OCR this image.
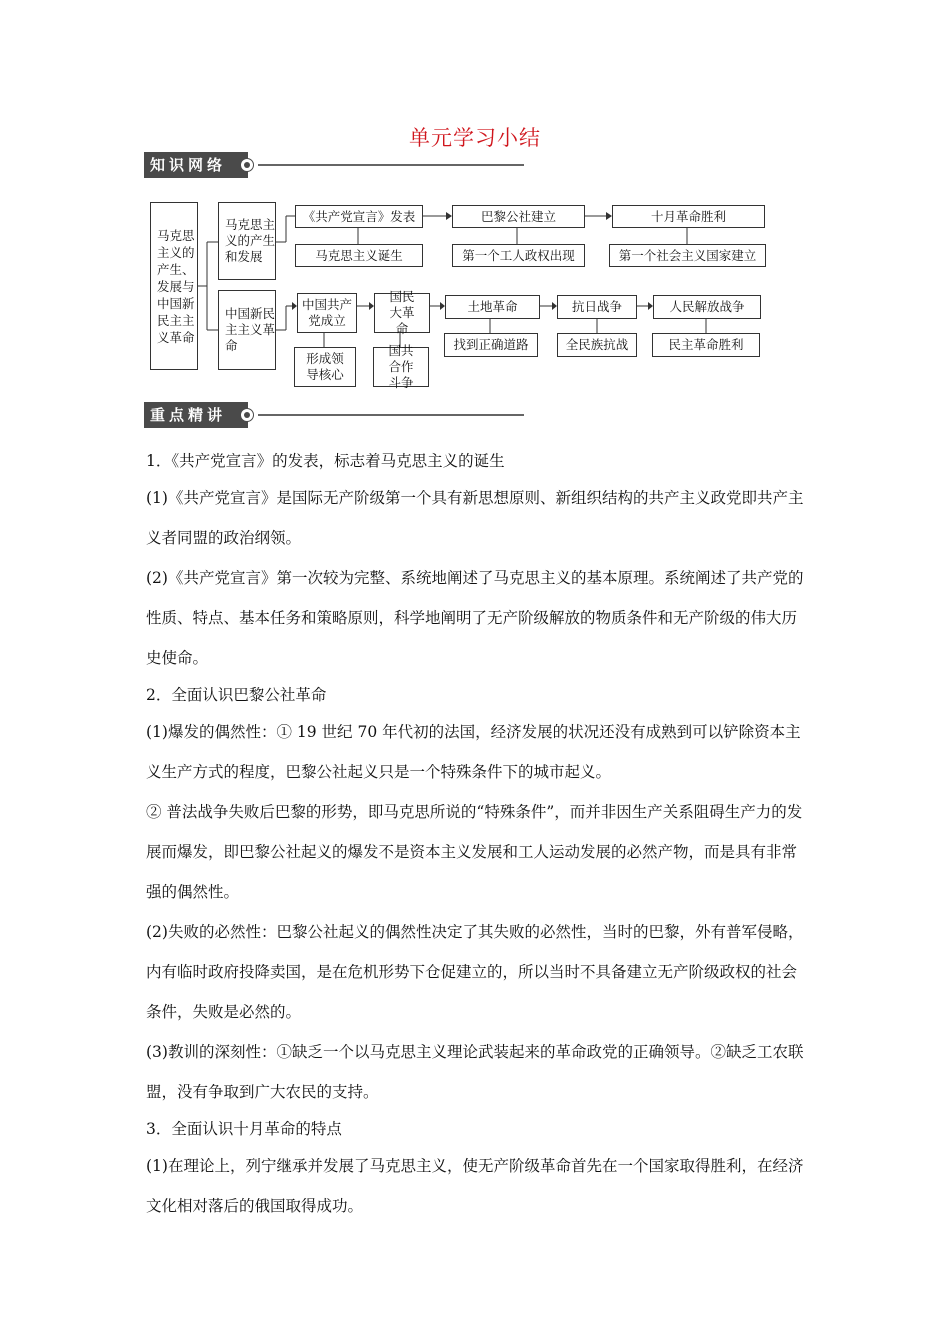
单元学习小结
知识网络
马克思主义的产生、发展与中国新民主主义革命
马克思主义的产生和发展
中国新民主主义革命
《共产党宣言》发表
马克思主义诞生
巴黎公社建立
第一个工人政权出现
十月革命胜利
第一个社会主义国家建立
中国共产党成立
形成领导核心
国民大革命
国共合作斗争
土地革命
找到正确道路
抗日战争
全民族抗战
人民解放战争
民主革命胜利
重点精讲

1．《共产党宣言》的发表，标志着马克思主义的诞生

(1)《共产党宣言》是国际无产阶级第一个具有新思想原则、新组织结构的共产主义政党即共产主义者同盟的政治纲领。

(2)《共产党宣言》第一次较为完整、系统地阐述了马克思主义的基本原理。系统阐述了共产党的性质、特点、基本任务和策略原则，科学地阐明了无产阶级解放的物质条件和无产阶级的伟大历史使命。

2．全面认识巴黎公社革命

(1)爆发的偶然性：① 19 世纪 70 年代初的法国，经济发展的状况还没有成熟到可以铲除资本主义生产方式的程度，巴黎公社起义只是一个特殊条件下的城市起义。

② 普法战争失败后巴黎的形势，即马克思所说的“特殊条件”，而并非因生产关系阻碍生产力的发展而爆发，即巴黎公社起义的爆发不是资本主义发展和工人运动发展的必然产物，而是具有非常强的偶然性。

(2)失败的必然性：巴黎公社起义的偶然性决定了其失败的必然性，当时的巴黎，外有普军侵略，内有临时政府投降卖国，是在危机形势下仓促建立的，所以当时不具备建立无产阶级政权的社会条件，失败是必然的。

(3)教训的深刻性：①缺乏一个以马克思主义理论武装起来的革命政党的正确领导。②缺乏工农联盟，没有争取到广大农民的支持。

3．全面认识十月革命的特点

(1)在理论上，列宁继承并发展了马克思主义，使无产阶级革命首先在一个国家取得胜利，在经济文化相对落后的俄国取得成功。
